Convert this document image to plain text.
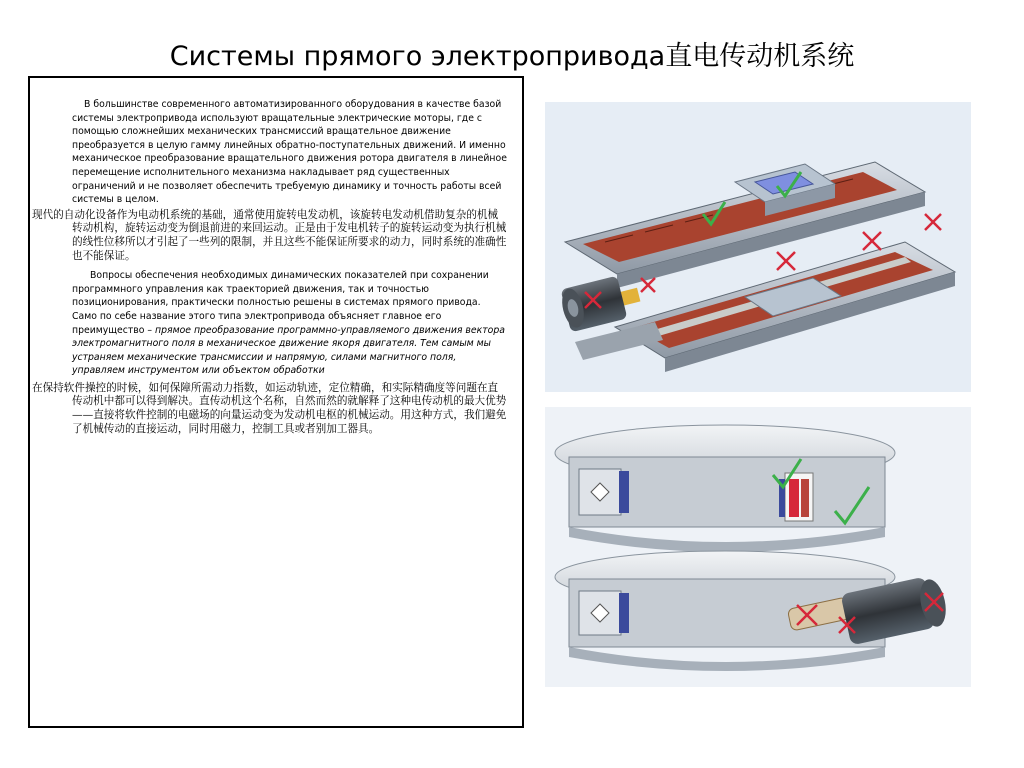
Системы прямого электропривода直电传动机系统

В большинстве современного автоматизированного оборудования в качестве базой системы электропривода используют вращательные электрические моторы, где с помощью сложнейших механических трансмиссий вращательное движение преобразуется в целую гамму линейных обратно-поступательных движений. И именно механическое преобразование вращательного движения ротора двигателя в линейное перемещение исполнительного механизма накладывает ряд существенных ограничений и не позволяет обеспечить требуемую динамику и точность работы всей системы в целом.

现代的自动化设备作为电动机系统的基础，通常使用旋转电发动机，该旋转电发动机借助复杂的机械转动机构，旋转运动变为倒退前进的来回运动。正是由于发电机转子的旋转运动变为执行机械的线性位移所以才引起了一些列的限制，并且这些不能保证所要求的动力，同时系统的准确性也不能保证。

Вопросы обеспечения необходимых динамических показателей при сохранении программного управления как траекторией движения, так и точностью позиционирования, практически полностью решены в системах прямого привода. Само по себе название этого типа электропривода объясняет главное его преимущество – прямое преобразование программно-управляемого движения вектора электромагнитного поля в механическое движение якоря двигателя. Тем самым мы устраняем механические трансмиссии и напрямую, силами магнитного поля, управляем инструментом или объектом обработки

在保持软件操控的时候，如何保障所需动力指数，如运动轨迹，定位精确，和实际精确度等问题在直传动机中都可以得到解决。直传动机这个名称，自然而然的就解释了这种电传动机的最大优势——直接将软件控制的电磁场的向量运动变为发动机电枢的机械运动。用这种方式，我们避免了机械传动的直接运动，同时用磁力，控制工具或者别加工器具。
